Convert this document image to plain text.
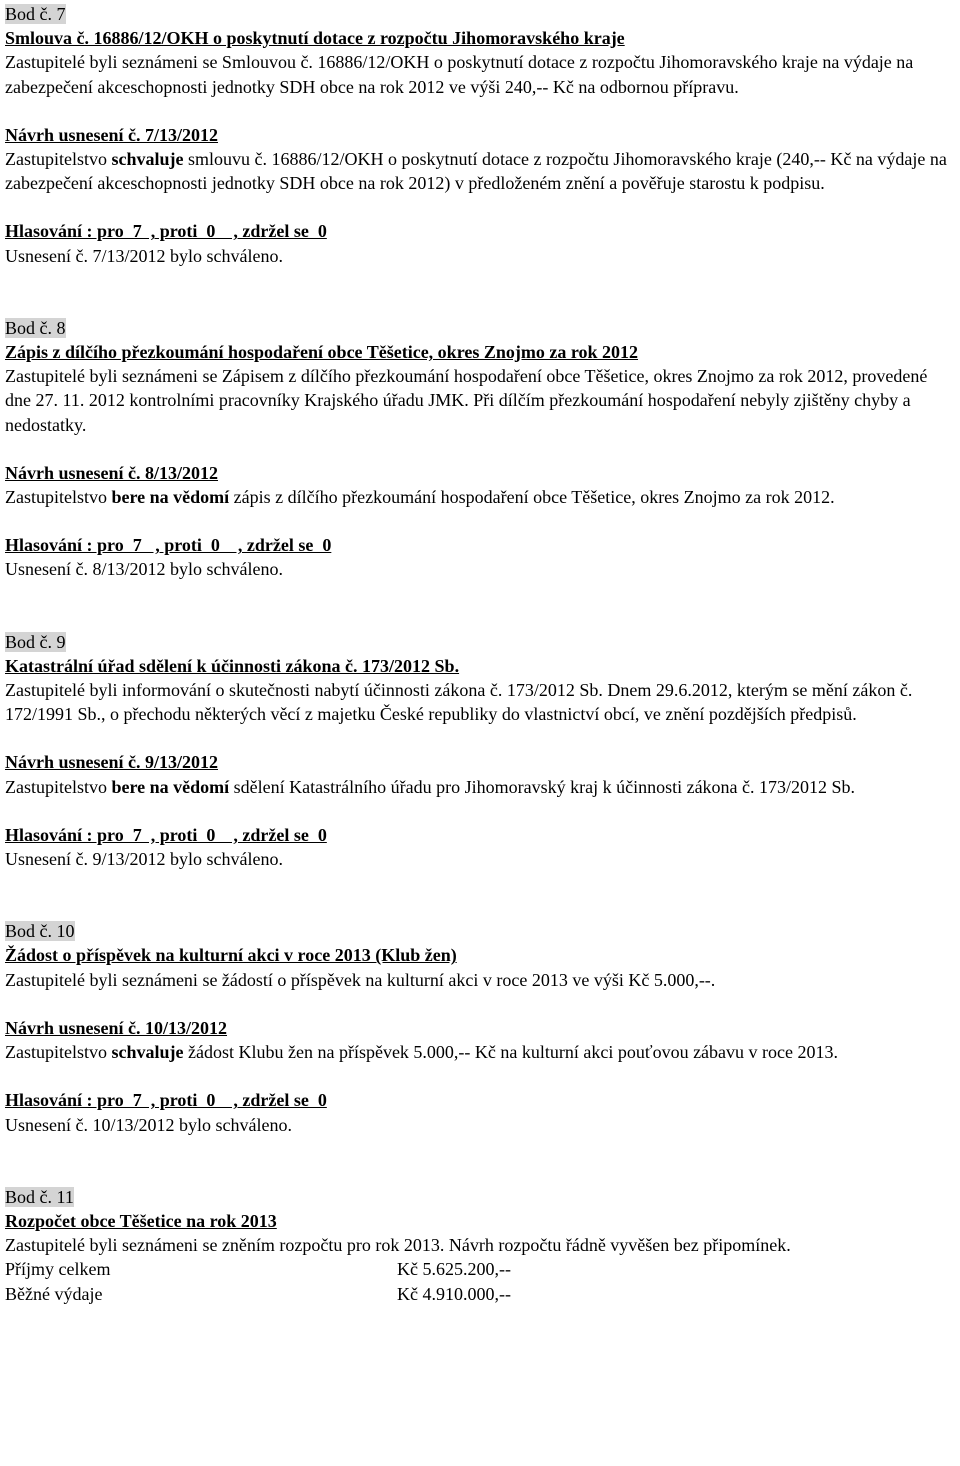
Bod č. 7
Smlouva č. 16886/12/OKH o poskytnutí dotace z rozpočtu Jihomoravského kraje
Zastupitelé byli seznámeni se Smlouvou č. 16886/12/OKH o poskytnutí dotace z rozpočtu Jihomoravského kraje na výdaje na zabezpečení akceschopnosti jednotky SDH obce na rok 2012 ve výši 240,-- Kč na odbornou přípravu.
Návrh usnesení č. 7/13/2012
Zastupitelstvo schvaluje smlouvu č. 16886/12/OKH o poskytnutí dotace z rozpočtu Jihomoravského kraje (240,-- Kč na výdaje na zabezpečení akceschopnosti jednotky SDH obce na rok 2012) v předloženém znění a pověřuje starostu k podpisu.
Hlasování : pro  7  , proti  0    , zdržel se  0
Usnesení č. 7/13/2012 bylo schváleno.
Bod č. 8
Zápis z dílčího přezkoumání hospodaření obce Těšetice, okres Znojmo za rok 2012
Zastupitelé byli seznámeni se Zápisem z dílčího přezkoumání hospodaření obce Těšetice, okres Znojmo za rok 2012, provedené dne 27. 11. 2012 kontrolními pracovníky Krajského úřadu JMK. Při dílčím přezkoumání hospodaření nebyly zjištěny chyby a nedostatky.
Návrh usnesení č. 8/13/2012
Zastupitelstvo bere na vědomí zápis z dílčího přezkoumání hospodaření obce Těšetice, okres Znojmo za rok 2012.
Hlasování : pro  7   , proti  0    , zdržel se  0
Usnesení č. 8/13/2012 bylo schváleno.
Bod č. 9
Katastrální úřad sdělení k účinnosti zákona č. 173/2012 Sb.
Zastupitelé byli informování o skutečnosti nabytí účinnosti zákona č. 173/2012 Sb. Dnem 29.6.2012, kterým se mění zákon č. 172/1991 Sb., o přechodu některých věcí z majetku České republiky do vlastnictví obcí, ve znění pozdějších předpisů.
Návrh usnesení č. 9/13/2012
Zastupitelstvo bere na vědomí sdělení Katastrálního úřadu pro Jihomoravský kraj k účinnosti zákona č. 173/2012 Sb.
Hlasování : pro  7  , proti  0    , zdržel se  0
Usnesení č. 9/13/2012 bylo schváleno.
Bod č. 10
Žádost o příspěvek na kulturní akci v roce 2013 (Klub žen)
Zastupitelé byli seznámeni se žádostí o příspěvek na kulturní akci v roce 2013 ve výši Kč 5.000,--.
Návrh usnesení č. 10/13/2012
Zastupitelstvo schvaluje žádost Klubu žen na příspěvek 5.000,-- Kč na kulturní akci pouťovou zábavu v roce 2013.
Hlasování : pro  7  , proti  0    , zdržel se  0
Usnesení č. 10/13/2012 bylo schváleno.
Bod č. 11
Rozpočet obce Těšetice na rok 2013
Zastupitelé byli seznámeni se zněním rozpočtu pro rok 2013. Návrh rozpočtu řádně vyvěšen bez připomínek.
Příjmy celkem	Kč 5.625.200,--
Běžné výdaje	Kč 4.910.000,--
